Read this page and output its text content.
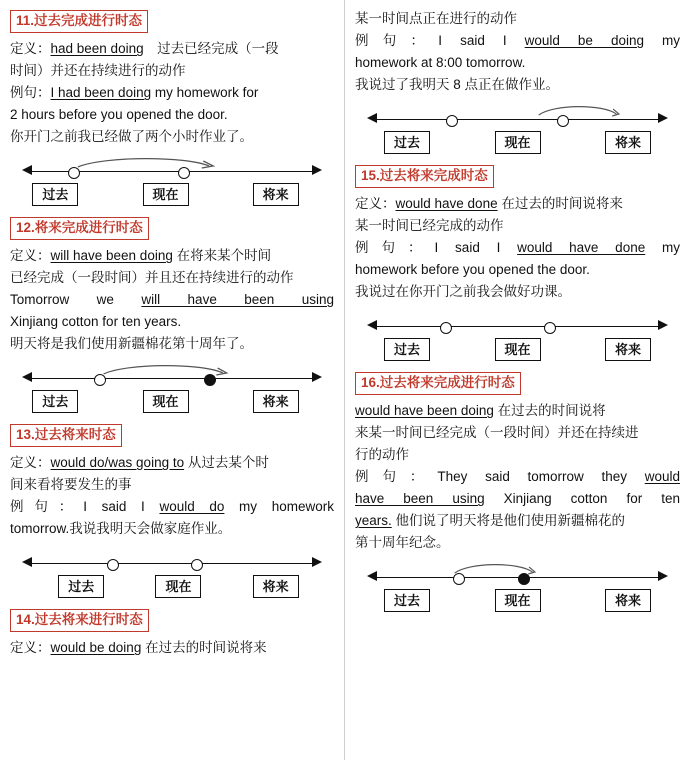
11.过去完成进行时态
定义：had been doing　过去已经完成（一段
时间）并还在持续进行的动作
例句：I had been doing my homework for
2 hours before you opened the door.
你开门之前我已经做了两个小时作业了。
过去	现在	将来
12.将来完成进行时态
定义：will have been doing 在将来某个时间
已经完成（一段时间）并且还在持续进行的动作
Tomorrow we will have been using
Xinjiang cotton for ten years.
明天将是我们使用新疆棉花第十周年了。
过去	现在	将来
13.过去将来时态
定义：would do/was going to 从过去某个时
间来看将要发生的事
例句：I said I would do my homework
tomorrow.我说我明天会做家庭作业。
过去	现在	将来
14.过去将来进行时态
定义：would be doing 在过去的时间说将来
某一时间点正在进行的动作
例句：I said I would be doing my
homework at 8:00 tomorrow.
我说过了我明天 8 点正在做作业。
过去	现在	将来
15.过去将来完成时态
定义：would have done 在过去的时间说将来
某一时间已经完成的动作
例句：I said I would have done my
homework before you opened the door.
我说过在你开门之前我会做好功课。
过去	现在	将来
16.过去将来完成进行时态
would have been doing 在过去的时间说将
来某一时间已经完成（一段时间）并还在持续进
行的动作
例句：They said tomorrow they would
have been using Xinjiang cotton for ten
years. 他们说了明天将是他们使用新疆棉花的
第十周年纪念。
过去	现在	将来
